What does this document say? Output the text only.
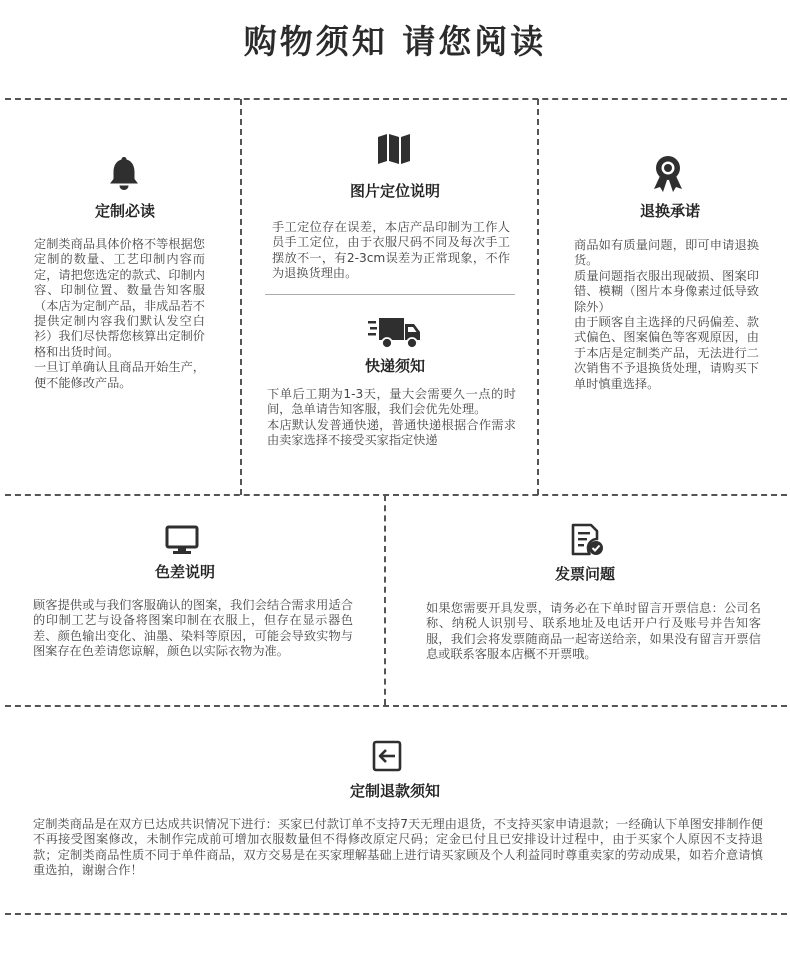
购物须知 请您阅读
定制必读
定制类商品具体价格不等根据您定制的数量、工艺印制内容而定，请把您选定的款式、印制内容、印制位置、数量告知客服（本店为定制产品，非成品若不提供定制内容我们默认发空白衫）我们尽快帮您核算出定制价格和出货时间。
一旦订单确认且商品开始生产，便不能修改产品。
图片定位说明
手工定位存在误差，本店产品印制为工作人员手工定位，由于衣服尺码不同及每次手工摆放不一，有2-3cm误差为正常现象，不作为退换货理由。
快递须知
下单后工期为1-3天，量大会需要久一点的时间，急单请告知客服，我们会优先处理。
本店默认发普通快递，普通快递根据合作需求由卖家选择不接受买家指定快递
退换承诺
商品如有质量问题，即可申请退换货。
质量问题指衣服出现破损、图案印错、模糊（图片本身像素过低导致除外）
由于顾客自主选择的尺码偏差、款式偏色、图案偏色等客观原因，由于本店是定制类产品，无法进行二次销售不予退换货处理，请购买下单时慎重选择。
色差说明
顾客提供或与我们客服确认的图案，我们会结合需求用适合的印制工艺与设备将图案印制在衣服上，但存在显示器色差、颜色输出变化、油墨、染料等原因，可能会导致实物与图案存在色差请您谅解，颜色以实际衣物为准。
发票问题
如果您需要开具发票，请务必在下单时留言开票信息：公司名称、纳税人识别号、联系地址及电话开户行及账号并告知客服，我们会将发票随商品一起寄送给亲，如果没有留言开票信息或联系客服本店概不开票哦。
定制退款须知
定制类商品是在双方已达成共识情况下进行：买家已付款订单不支持7天无理由退货，不支持买家申请退款；一经确认下单图安排制作便不再接受图案修改，未制作完成前可增加衣服数量但不得修改原定尺码；定金已付且已安排设计过程中，由于买家个人原因不支持退款；定制类商品性质不同于单件商品，双方交易是在买家理解基础上进行请买家顾及个人利益同时尊重卖家的劳动成果，如若介意请慎重选拍，谢谢合作！
